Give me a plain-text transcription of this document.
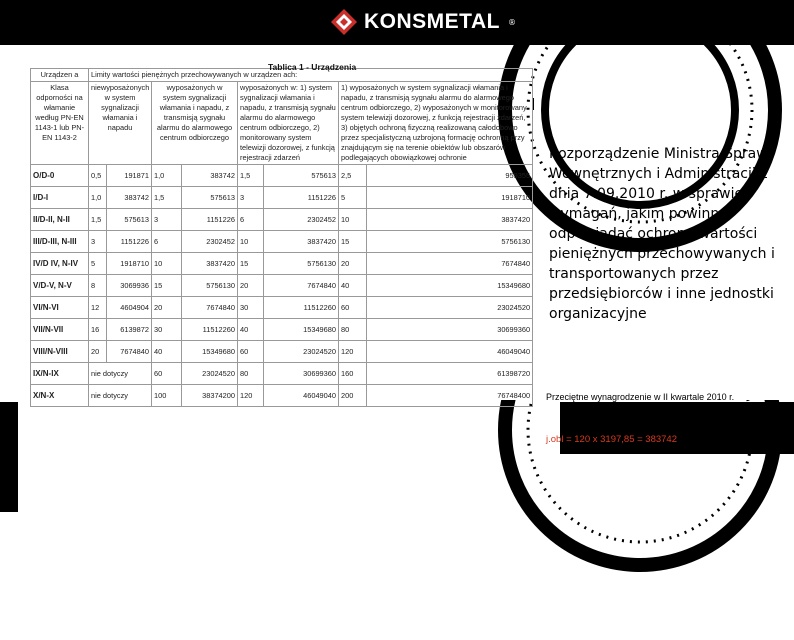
KONSMETAL ®
Tablica 1 - Urządzenia
Urządzen a	Limity wartości pienężnych przechowywanych w urządzen ach:							
Klasa odporności na włamanie według PN-EN 1143-1 lub PN-EN 1143-2	niewyposażonych w system sygnalizacji włamania i napadu		wyposażonych w system sygnalizacji włamania i napadu, z transmisją sygnału alarmu do alarmowego centrum odbiorczego		wyposażonych w: 1) system sygnalizacji włamania i napadu, z transmisją sygnału alarmu do alarmowego centrum odbiorczego, 2) monitorowany system telewizji dozorowej, z funkcją rejestracji zdarzeń		1) wyposażonych w system sygnalizacji włamania i napadu, z transmisją sygnału alarmu do alarmowego centrum odbiorczego, 2) wyposażonych w monitorowany system telewizji dozorowej, z funkcją rejestracji zdarzeń, 3) objętych ochroną fizyczną realizowaną całodobowo przez specjalistyczną uzbrojoną formację ochronną przy znajdującym się na terenie obiektów lub obszarów podlegających obowiązkowej ochronie	
O/D-0	0,5	191871	1,0	383742	1,5	575613	2,5	959355
I/D-I	1,0	383742	1,5	575613	3	1151226	5	1918710
II/D-II, N-II	1,5	575613	3	1151226	6	2302452	10	3837420
III/D-III, N-III	3	1151226	6	2302452	10	3837420	15	5756130
IV/D IV, N-IV	5	1918710	10	3837420	15	5756130	20	7674840
V/D-V, N-V	8	3069936	15	5756130	20	7674840	40	15349680
VI/N-VI	12	4604904	20	7674840	30	11512260	60	23024520
VII/N-VII	16	6139872	30	11512260	40	15349680	80	30699360
VIII/N-VIII	20	7674840	40	15349680	60	23024520	120	46049040
IX/N-IX	nie dotyczy		60	23024520	80	30699360	160	61398720
X/N-X	nie dotyczy		100	38374200	120	46049040	200	76748400
Rozporządzenie Ministra Spraw Wewnętrznych i Administracji z dnia 7.09.2010 r. w sprawie wymagań, jakim powinna odpowiadać ochrona wartości pieniężnych przechowywanych i transportowanych przez przedsiębiorców i inne jednostki organizacyjne
Przeciętne wynagrodzenie w II kwartale 2010 r.
j.obl = 120 x 3197,85 = 383742
